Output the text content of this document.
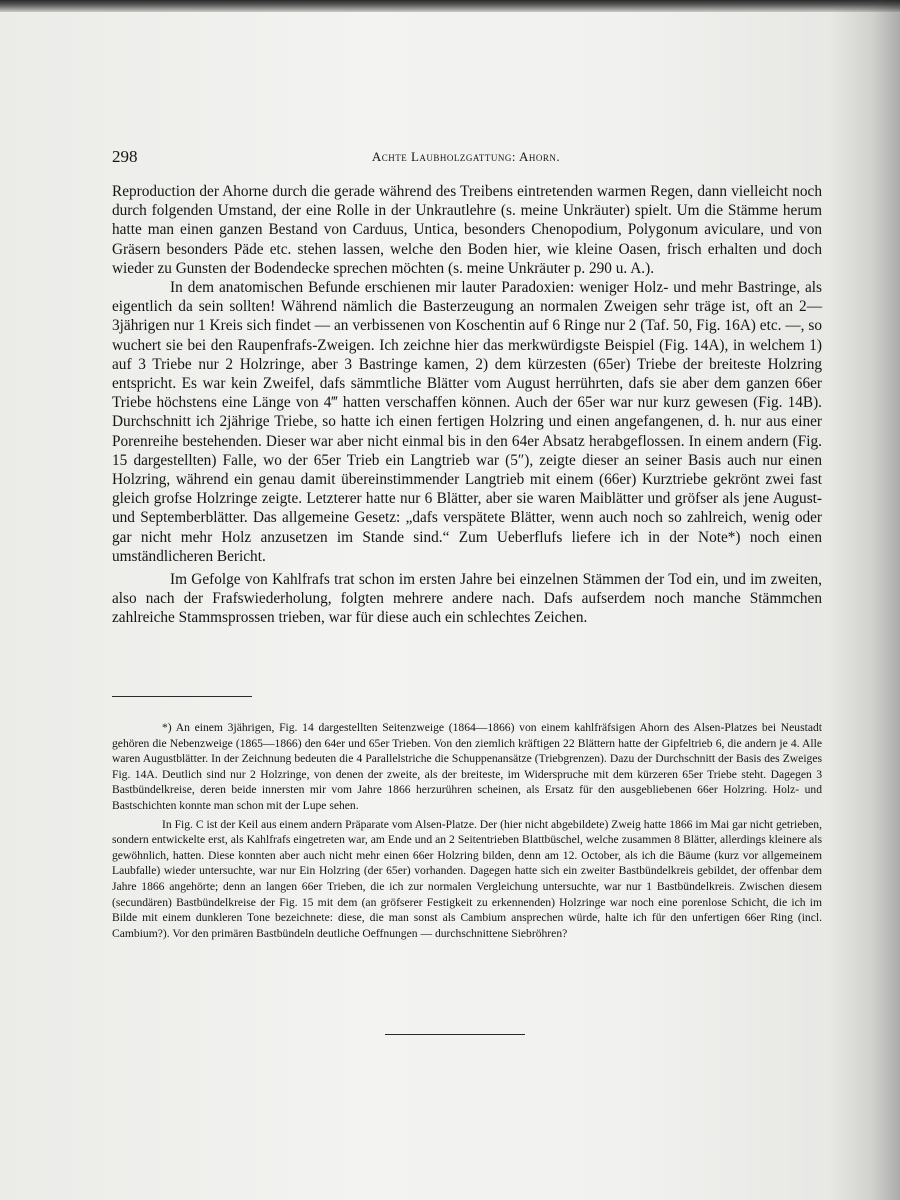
298	Achte Laubholzgattung: Ahorn.

Reproduction der Ahorne durch die gerade während des Treibens eintretenden warmen Regen, dann vielleicht noch durch folgenden Umstand, der eine Rolle in der Unkrautlehre (s. meine Unkräuter) spielt. Um die Stämme herum hatte man einen ganzen Bestand von Carduus, Untica, besonders Chenopodium, Polygonum aviculare, und von Gräsern besonders Päde etc. stehen lassen, welche den Boden hier, wie kleine Oasen, frisch erhalten und doch wieder zu Gunsten der Bodendecke sprechen möchten (s. meine Unkräuter p. 290 u. A.).

In dem anatomischen Befunde erschienen mir lauter Paradoxien: weniger Holz- und mehr Bastringe, als eigentlich da sein sollten! Während nämlich die Basterzeugung an normalen Zweigen sehr träge ist, oft an 2—3jährigen nur 1 Kreis sich findet — an verbissenen von Koschentin auf 6 Ringe nur 2 (Taf. 50, Fig. 16A) etc. —, so wuchert sie bei den Raupenfrafs-Zweigen. Ich zeichne hier das merkwürdigste Beispiel (Fig. 14A), in welchem 1) auf 3 Triebe nur 2 Holzringe, aber 3 Bastringe kamen, 2) dem kürzesten (65er) Triebe der breiteste Holzring entspricht. Es war kein Zweifel, dafs sämmtliche Blätter vom August herrührten, dafs sie aber dem ganzen 66er Triebe höchstens eine Länge von 4‴ hatten verschaffen können. Auch der 65er war nur kurz gewesen (Fig. 14B). Durchschnitt ich 2jährige Triebe, so hatte ich einen fertigen Holzring und einen angefangenen, d. h. nur aus einer Porenreihe bestehenden. Dieser war aber nicht einmal bis in den 64er Absatz herabgeflossen. In einem andern (Fig. 15 dargestellten) Falle, wo der 65er Trieb ein Langtrieb war (5″), zeigte dieser an seiner Basis auch nur einen Holzring, während ein genau damit übereinstimmender Langtrieb mit einem (66er) Kurztriebe gekrönt zwei fast gleich grofse Holzringe zeigte. Letzterer hatte nur 6 Blätter, aber sie waren Maiblätter und gröfser als jene August- und Septemberblätter. Das allgemeine Gesetz: „dafs verspätete Blätter, wenn auch noch so zahlreich, wenig oder gar nicht mehr Holz anzusetzen im Stande sind.“ Zum Ueberflufs liefere ich in der Note*) noch einen umständlicheren Bericht.

Im Gefolge von Kahlfrafs trat schon im ersten Jahre bei einzelnen Stämmen der Tod ein, und im zweiten, also nach der Frafswiederholung, folgten mehrere andere nach. Dafs aufserdem noch manche Stämmchen zahlreiche Stammsprossen trieben, war für diese auch ein schlechtes Zeichen.

*) An einem 3jährigen, Fig. 14 dargestellten Seitenzweige (1864—1866) von einem kahlfräfsigen Ahorn des Alsen-Platzes bei Neustadt gehören die Nebenzweige (1865—1866) den 64er und 65er Trieben. Von den ziemlich kräftigen 22 Blättern hatte der Gipfeltrieb 6, die andern je 4. Alle waren Augustblätter. In der Zeichnung bedeuten die 4 Parallelstriche die Schuppenansätze (Triebgrenzen). Dazu der Durchschnitt der Basis des Zweiges Fig. 14A. Deutlich sind nur 2 Holzringe, von denen der zweite, als der breiteste, im Widerspruche mit dem kürzeren 65er Triebe steht. Dagegen 3 Bastbündelkreise, deren beide innersten mir vom Jahre 1866 herzurühren scheinen, als Ersatz für den ausgebliebenen 66er Holzring. Holz- und Bastschichten konnte man schon mit der Lupe sehen.

In Fig. C ist der Keil aus einem andern Präparate vom Alsen-Platze. Der (hier nicht abgebildete) Zweig hatte 1866 im Mai gar nicht getrieben, sondern entwickelte erst, als Kahlfrafs eingetreten war, am Ende und an 2 Seitentrieben Blattbüschel, welche zusammen 8 Blätter, allerdings kleinere als gewöhnlich, hatten. Diese konnten aber auch nicht mehr einen 66er Holzring bilden, denn am 12. October, als ich die Bäume (kurz vor allgemeinem Laubfalle) wieder untersuchte, war nur Ein Holzring (der 65er) vorhanden. Dagegen hatte sich ein zweiter Bastbündelkreis gebildet, der offenbar dem Jahre 1866 angehörte; denn an langen 66er Trieben, die ich zur normalen Vergleichung untersuchte, war nur 1 Bastbündelkreis. Zwischen diesem (secundären) Bastbündelkreise der Fig. 15 mit dem (an gröfserer Festigkeit zu erkennenden) Holzringe war noch eine porenlose Schicht, die ich im Bilde mit einem dunkleren Tone bezeichnete: diese, die man sonst als Cambium ansprechen würde, halte ich für den unfertigen 66er Ring (incl. Cambium?). Vor den primären Bastbündeln deutliche Oeffnungen — durchschnittene Siebröhren?
